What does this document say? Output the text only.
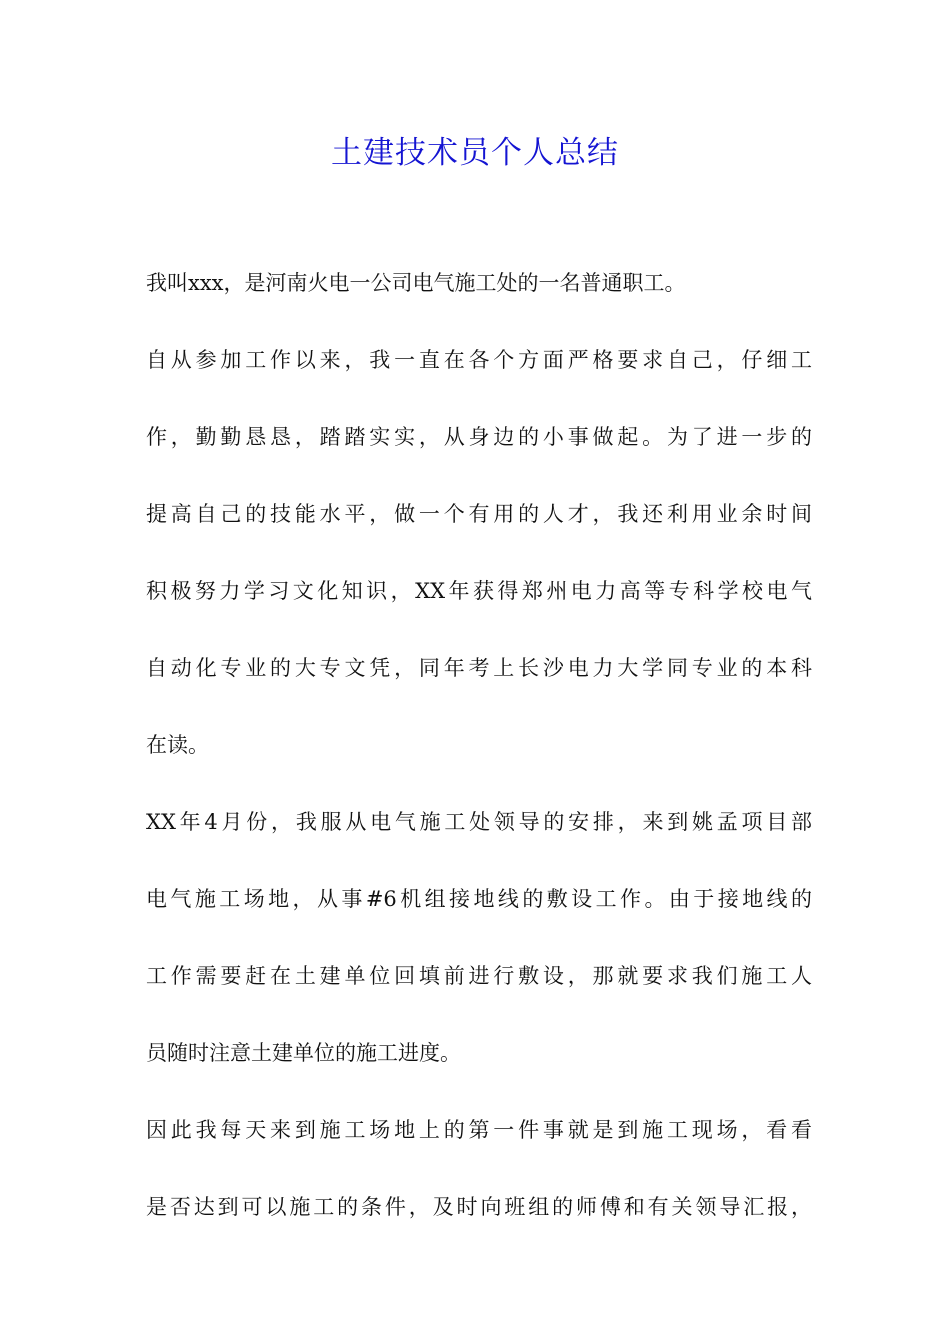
土建技术员个人总结
我叫xxx，是河南火电一公司电气施工处的一名普通职工。
自从参加工作以来，我一直在各个方面严格要求自己，仔细工
作，勤勤恳恳，踏踏实实，从身边的小事做起。为了进一步的
提高自己的技能水平，做一个有用的人才，我还利用业余时间
积极努力学习文化知识，XX年获得郑州电力高等专科学校电气
自动化专业的大专文凭，同年考上长沙电力大学同专业的本科
在读。
XX年4月份，我服从电气施工处领导的安排，来到姚孟项目部
电气施工场地，从事#6机组接地线的敷设工作。由于接地线的
工作需要赶在土建单位回填前进行敷设，那就要求我们施工人
员随时注意土建单位的施工进度。
因此我每天来到施工场地上的第一件事就是到施工现场，看看
是否达到可以施工的条件，及时向班组的师傅和有关领导汇报，
